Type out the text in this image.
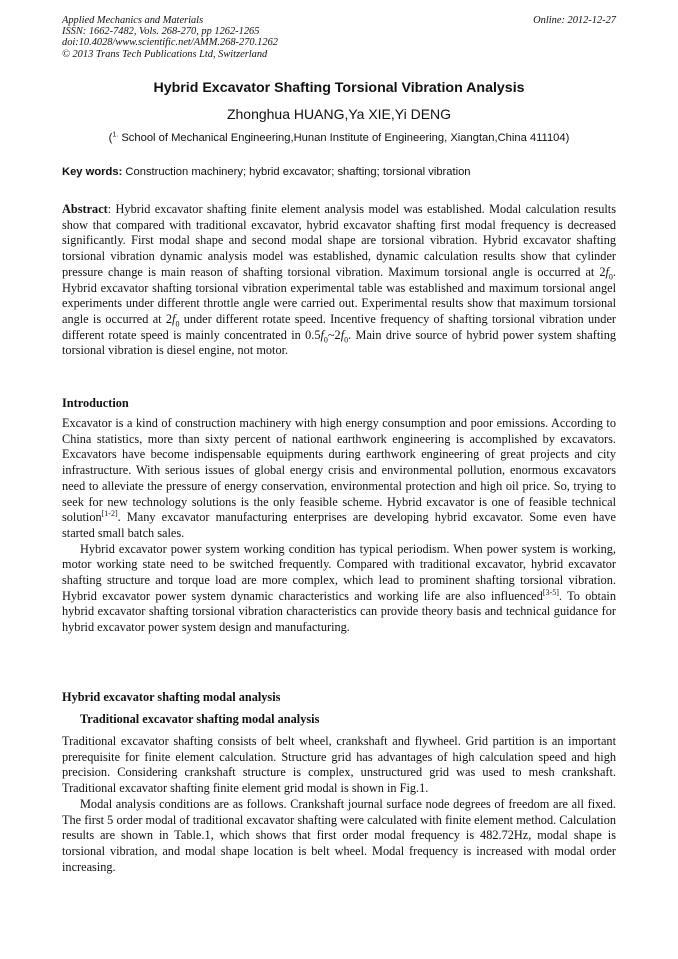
Applied Mechanics and Materials
ISSN: 1662-7482, Vols. 268-270, pp 1262-1265
doi:10.4028/www.scientific.net/AMM.268-270.1262
© 2013 Trans Tech Publications Ltd, Switzerland
Online: 2012-12-27
Hybrid Excavator Shafting Torsional Vibration Analysis
Zhonghua HUANG,Ya XIE,Yi DENG
($^{1.}$ School of Mechanical Engineering,Hunan Institute of Engineering, Xiangtan,China 411104)
Key words: Construction machinery; hybrid excavator; shafting; torsional vibration

Abstract: Hybrid excavator shafting finite element analysis model was established. Modal calculation results show that compared with traditional excavator, hybrid excavator shafting first modal frequency is decreased significantly. First modal shape and second modal shape are torsional vibration. Hybrid excavator shafting torsional vibration dynamic analysis model was established, dynamic calculation results show that cylinder pressure change is main reason of shafting torsional vibration. Maximum torsional angle is occurred at $2f_0$. Hybrid excavator shafting torsional vibration experimental table was established and maximum torsional angel experiments under different throttle angle were carried out. Experimental results show that maximum torsional angle is occurred at $2f_0$ under different rotate speed. Incentive frequency of shafting torsional vibration under different rotate speed is mainly concentrated in $0.5f_0\sim 2f_0$. Main drive source of hybrid power system shafting torsional vibration is diesel engine, not motor.

Introduction

Excavator is a kind of construction machinery with high energy consumption and poor emissions. According to China statistics, more than sixty percent of national earthwork engineering is accomplished by excavators. Excavators have become indispensable equipments during earthwork engineering of great projects and city infrastructure. With serious issues of global energy crisis and environmental pollution, enormous excavators need to alleviate the pressure of energy conservation, environmental protection and high oil price. So, trying to seek for new technology solutions is the only feasible scheme. Hybrid excavator is one of feasible technical solution[1-2]. Many excavator manufacturing enterprises are developing hybrid excavator. Some even have started small batch sales.

Hybrid excavator power system working condition has typical periodism. When power system is working, motor working state need to be switched frequently. Compared with traditional excavator, hybrid excavator shafting structure and torque load are more complex, which lead to prominent shafting torsional vibration. Hybrid excavator power system dynamic characteristics and working life are also influenced[3-5]. To obtain hybrid excavator shafting torsional vibration characteristics can provide theory basis and technical guidance for hybrid excavator power system design and manufacturing.

Hybrid excavator shafting modal analysis

Traditional excavator shafting modal analysis

Traditional excavator shafting consists of belt wheel, crankshaft and flywheel. Grid partition is an important prerequisite for finite element calculation. Structure grid has advantages of high calculation speed and high precision. Considering crankshaft structure is complex, unstructured grid was used to mesh crankshaft. Traditional excavator shafting finite element grid modal is shown in Fig.1.

Modal analysis conditions are as follows. Crankshaft journal surface node degrees of freedom are all fixed. The first 5 order modal of traditional excavator shafting were calculated with finite element method. Calculation results are shown in Table.1, which shows that first order modal frequency is 482.72Hz, modal shape is torsional vibration, and modal shape location is belt wheel. Modal frequency is increased with modal order increasing.
